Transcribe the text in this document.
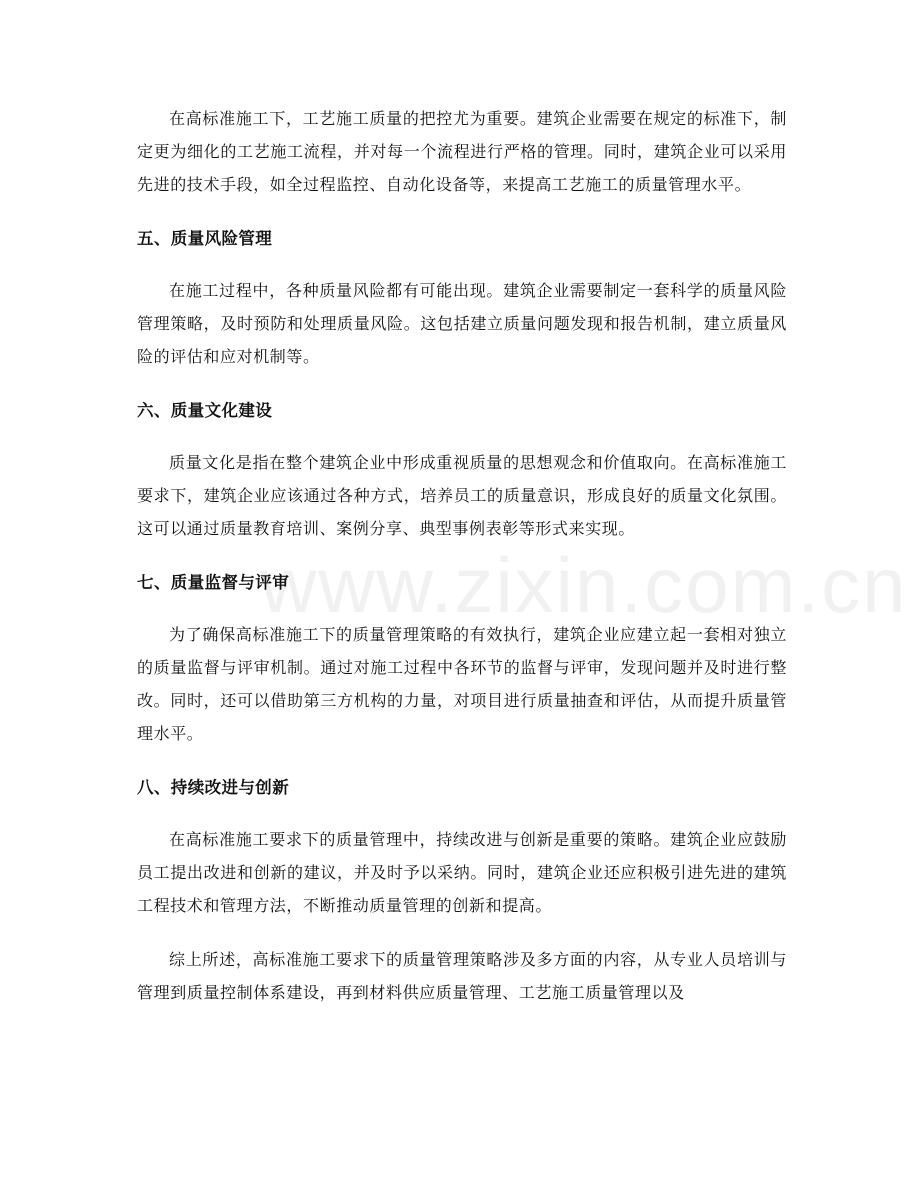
www.zixin.com.cn

在高标准施工下，工艺施工质量的把控尤为重要。建筑企业需要在规定的标准下，制定更为细化的工艺施工流程，并对每一个流程进行严格的管理。同时，建筑企业可以采用先进的技术手段，如全过程监控、自动化设备等，来提高工艺施工的质量管理水平。

五、质量风险管理

在施工过程中，各种质量风险都有可能出现。建筑企业需要制定一套科学的质量风险管理策略，及时预防和处理质量风险。这包括建立质量问题发现和报告机制，建立质量风险的评估和应对机制等。

六、质量文化建设

质量文化是指在整个建筑企业中形成重视质量的思想观念和价值取向。在高标准施工要求下，建筑企业应该通过各种方式，培养员工的质量意识，形成良好的质量文化氛围。这可以通过质量教育培训、案例分享、典型事例表彰等形式来实现。

七、质量监督与评审

为了确保高标准施工下的质量管理策略的有效执行，建筑企业应建立起一套相对独立的质量监督与评审机制。通过对施工过程中各环节的监督与评审，发现问题并及时进行整改。同时，还可以借助第三方机构的力量，对项目进行质量抽查和评估，从而提升质量管理水平。

八、持续改进与创新

在高标准施工要求下的质量管理中，持续改进与创新是重要的策略。建筑企业应鼓励员工提出改进和创新的建议，并及时予以采纳。同时，建筑企业还应积极引进先进的建筑工程技术和管理方法，不断推动质量管理的创新和提高。

综上所述，高标准施工要求下的质量管理策略涉及多方面的内容，从专业人员培训与管理到质量控制体系建设，再到材料供应质量管理、工艺施工质量管理以及
